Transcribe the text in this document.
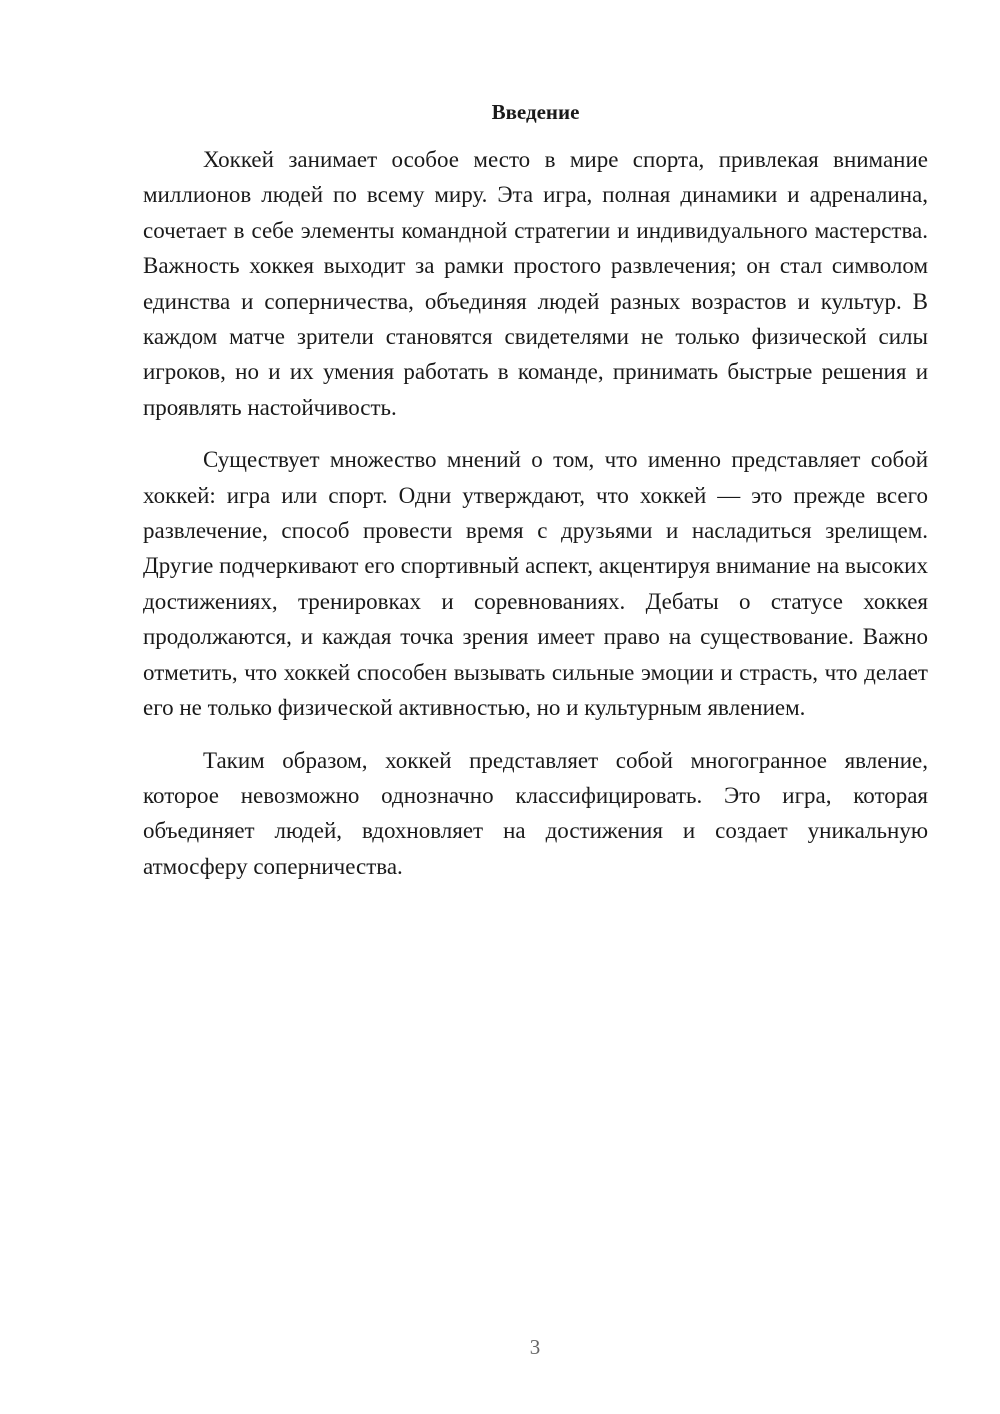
Введение

Хоккей занимает особое место в мире спорта, привлекая внимание миллионов людей по всему миру. Эта игра, полная динамики и адреналина, сочетает в себе элементы командной стратегии и индивидуального мастерства. Важность хоккея выходит за рамки простого развлечения; он стал символом единства и соперничества, объединяя людей разных возрастов и культур. В каждом матче зрители становятся свидетелями не только физической силы игроков, но и их умения работать в команде, принимать быстрые решения и проявлять настойчивость.

Существует множество мнений о том, что именно представляет собой хоккей: игра или спорт. Одни утверждают, что хоккей — это прежде всего развлечение, способ провести время с друзьями и насладиться зрелищем. Другие подчеркивают его спортивный аспект, акцентируя внимание на высоких достижениях, тренировках и соревнованиях. Дебаты о статусе хоккея продолжаются, и каждая точка зрения имеет право на существование. Важно отметить, что хоккей способен вызывать сильные эмоции и страсть, что делает его не только физической активностью, но и культурным явлением.

Таким образом, хоккей представляет собой многогранное явление, которое невозможно однозначно классифицировать. Это игра, которая объединяет людей, вдохновляет на достижения и создает уникальную атмосферу соперничества.

3
